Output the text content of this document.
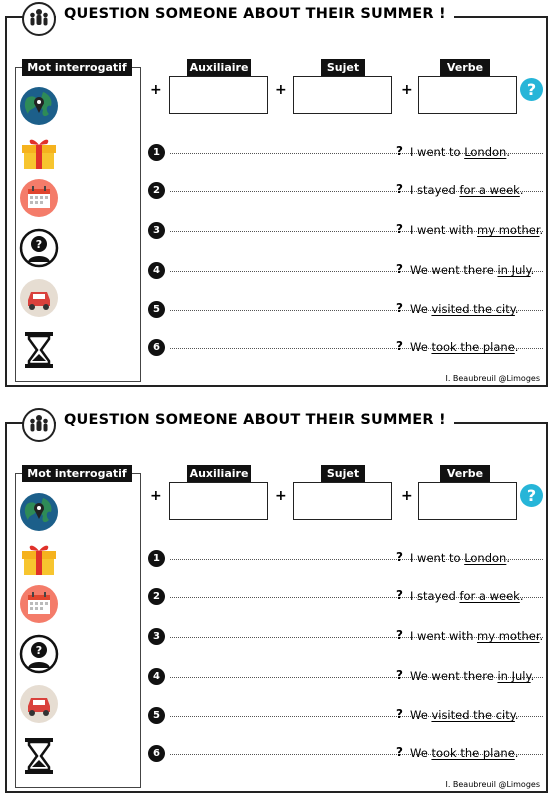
QUESTION SOMEONE ABOUT THEIR SUMMER !
Mot interrogatif
?
+
Auxiliaire
+
Sujet
+
Verbe
?
1	? I went to London.
2	? I stayed for a week.
3	? I went with my mother.
4	? We went there in July.
5	? We visited the city.
6	? We took the plane.
I. Beaubreuil @Limoges
QUESTION SOMEONE ABOUT THEIR SUMMER !
Mot interrogatif
?
+
Auxiliaire
+
Sujet
+
Verbe
?
1	? I went to London.
2	? I stayed for a week.
3	? I went with my mother.
4	? We went there in July.
5	? We visited the city.
6	? We took the plane.
I. Beaubreuil @Limoges
